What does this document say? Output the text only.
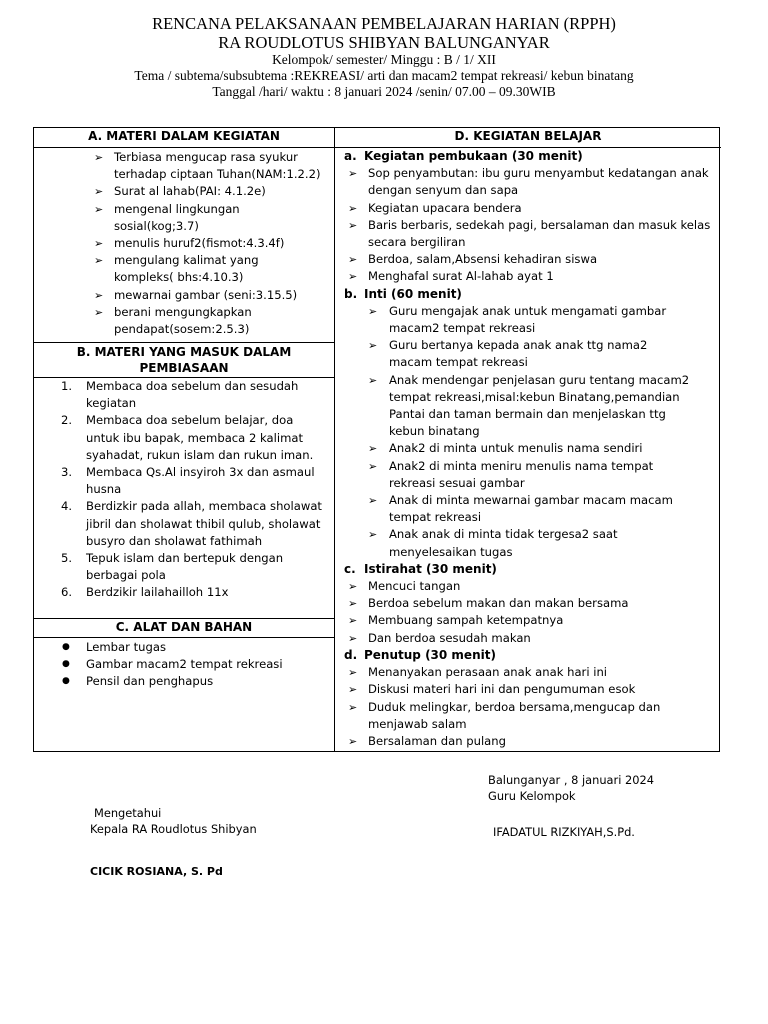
RENCANA PELAKSANAAN PEMBELAJARAN HARIAN (RPPH)
RA ROUDLOTUS SHIBYAN BALUNGANYAR
Kelompok/ semester/ Minggu : B / 1/ XII
Tema / subtema/subsubtema :REKREASI/ arti dan macam2 tempat rekreasi/ kebun binatang
Tanggal /hari/ waktu : 8 januari 2024 /senin/ 07.00 – 09.30WIB
A. MATERI DALAM KEGIATAN
➢ Terbiasa mengucap rasa syukur terhadap ciptaan Tuhan(NAM:1.2.2)
➢ Surat al lahab(PAI: 4.1.2e)
➢ mengenal lingkungan sosial(kog;3.7)
➢ menulis huruf2(fismot:4.3.4f)
➢ mengulang kalimat yang kompleks( bhs:4.10.3)
➢ mewarnai gambar (seni:3.15.5)
➢ berani mengungkapkan pendapat(sosem:2.5.3)
B. MATERI YANG MASUK DALAM
PEMBIASAAN
1. Membaca doa sebelum dan sesudah kegiatan
2. Membaca doa sebelum belajar, doa untuk ibu bapak, membaca 2 kalimat syahadat, rukun islam dan rukun iman.
3. Membaca Qs.Al insyiroh 3x dan asmaul husna
4. Berdizkir pada allah, membaca sholawat jibril dan sholawat thibil qulub, sholawat busyro dan sholawat fathimah
5. Tepuk islam dan bertepuk dengan berbagai pola
6. Berdzikir lailahailloh 11x
C. ALAT DAN BAHAN
● Lembar tugas
● Gambar macam2 tempat rekreasi
● Pensil dan penghapus
D. KEGIATAN BELAJAR
a. Kegiatan pembukaan (30 menit)
➢ Sop penyambutan: ibu guru menyambut kedatangan anak dengan senyum dan sapa
➢ Kegiatan upacara bendera
➢ Baris berbaris, sedekah pagi, bersalaman dan masuk kelas secara bergiliran
➢ Berdoa, salam,Absensi kehadiran siswa
➢ Menghafal surat Al-lahab ayat 1
b. Inti (60 menit)
➢ Guru mengajak anak untuk mengamati gambar macam2 tempat rekreasi
➢ Guru bertanya kepada anak anak ttg nama2 macam tempat rekreasi
➢ Anak mendengar penjelasan guru tentang macam2 tempat rekreasi,misal:kebun Binatang,pemandian Pantai dan taman bermain dan menjelaskan ttg kebun binatang
➢ Anak2 di minta untuk menulis nama sendiri
➢ Anak2 di minta meniru menulis nama tempat rekreasi sesuai gambar
➢ Anak di minta mewarnai gambar macam macam tempat rekreasi
➢ Anak anak di minta tidak tergesa2 saat menyelesaikan tugas
c. Istirahat (30 menit)
➢ Mencuci tangan
➢ Berdoa sebelum makan dan makan bersama
➢ Membuang sampah ketempatnya
➢ Dan berdoa sesudah makan
d. Penutup (30 menit)
➢ Menanyakan perasaan anak anak hari ini
➢ Diskusi materi hari ini dan pengumuman esok
➢ Duduk melingkar, berdoa bersama,mengucap dan menjawab salam
➢ Bersalaman dan pulang
Balunganyar , 8 januari 2024
Guru Kelompok
IFADATUL RIZKIYAH,S.Pd.
Mengetahui
Kepala RA Roudlotus Shibyan
CICIK ROSIANA, S. Pd
